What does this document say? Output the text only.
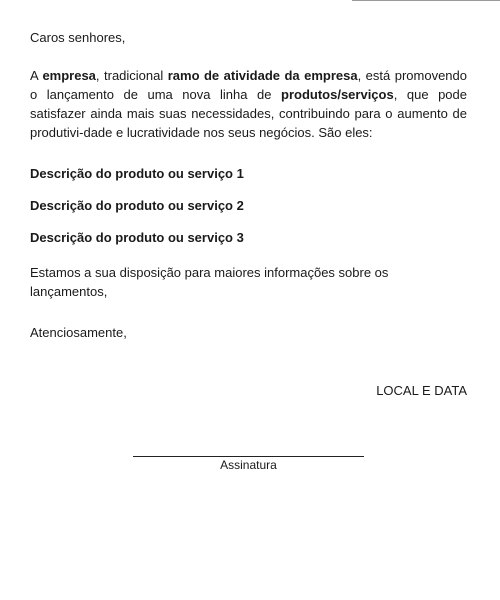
Caros senhores,

A empresa, tradicional ramo de atividade da empresa, está promovendo o lançamento de uma nova linha de produtos/serviços, que pode satisfazer ainda mais suas necessidades, contribuindo para o aumento de produtivi-dade e lucratividade nos seus negócios. São eles:

Descrição do produto ou serviço 1

Descrição do produto ou serviço 2

Descrição do produto ou serviço 3

Estamos a sua disposição para maiores informações sobre os lançamentos,

Atenciosamente,

LOCAL E DATA

Assinatura
